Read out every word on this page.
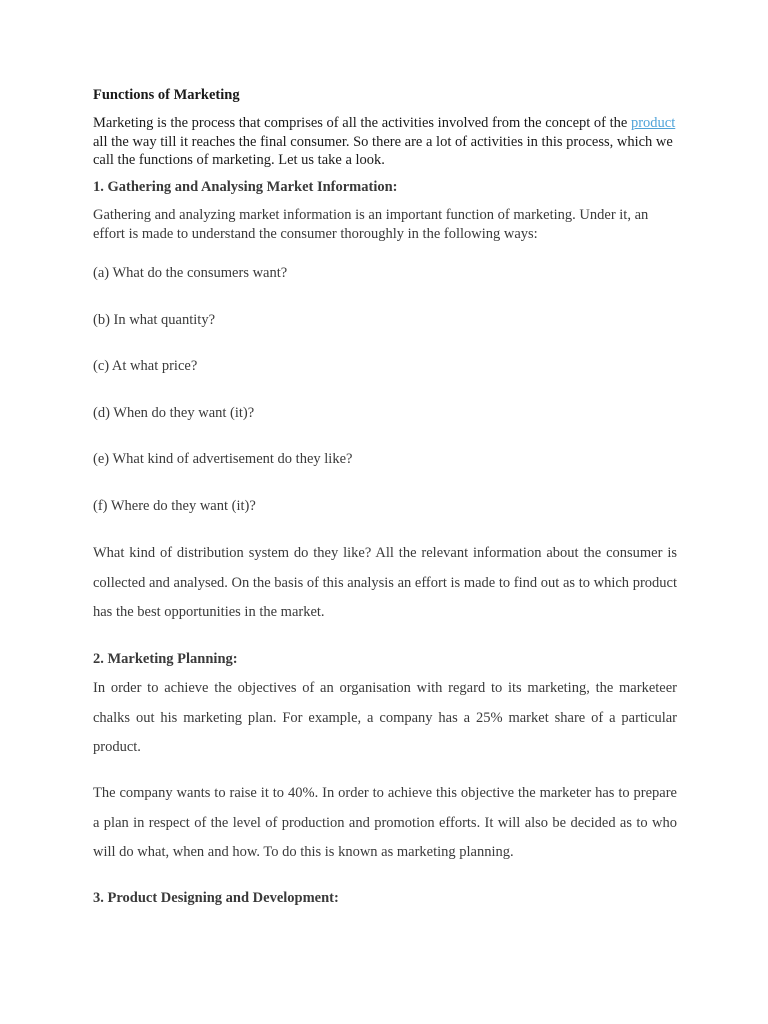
Functions of Marketing

Marketing is the process that comprises of all the activities involved from the concept of the product all the way till it reaches the final consumer. So there are a lot of activities in this process, which we call the functions of marketing. Let us take a look.

1. Gathering and Analysing Market Information:

Gathering and analyzing market information is an important function of marketing. Under it, an effort is made to understand the consumer thoroughly in the following ways:

(a) What do the consumers want?

(b) In what quantity?

(c) At what price?

(d) When do they want (it)?

(e) What kind of advertisement do they like?

(f) Where do they want (it)?

What kind of distribution system do they like? All the relevant information about the consumer is collected and analysed. On the basis of this analysis an effort is made to find out as to which product has the best opportunities in the market.

2. Marketing Planning:

In order to achieve the objectives of an organisation with regard to its marketing, the marketeer chalks out his marketing plan. For example, a company has a 25% market share of a particular product.

The company wants to raise it to 40%. In order to achieve this objective the marketer has to prepare a plan in respect of the level of production and promotion efforts. It will also be decided as to who will do what, when and how. To do this is known as marketing planning.

3. Product Designing and Development:
